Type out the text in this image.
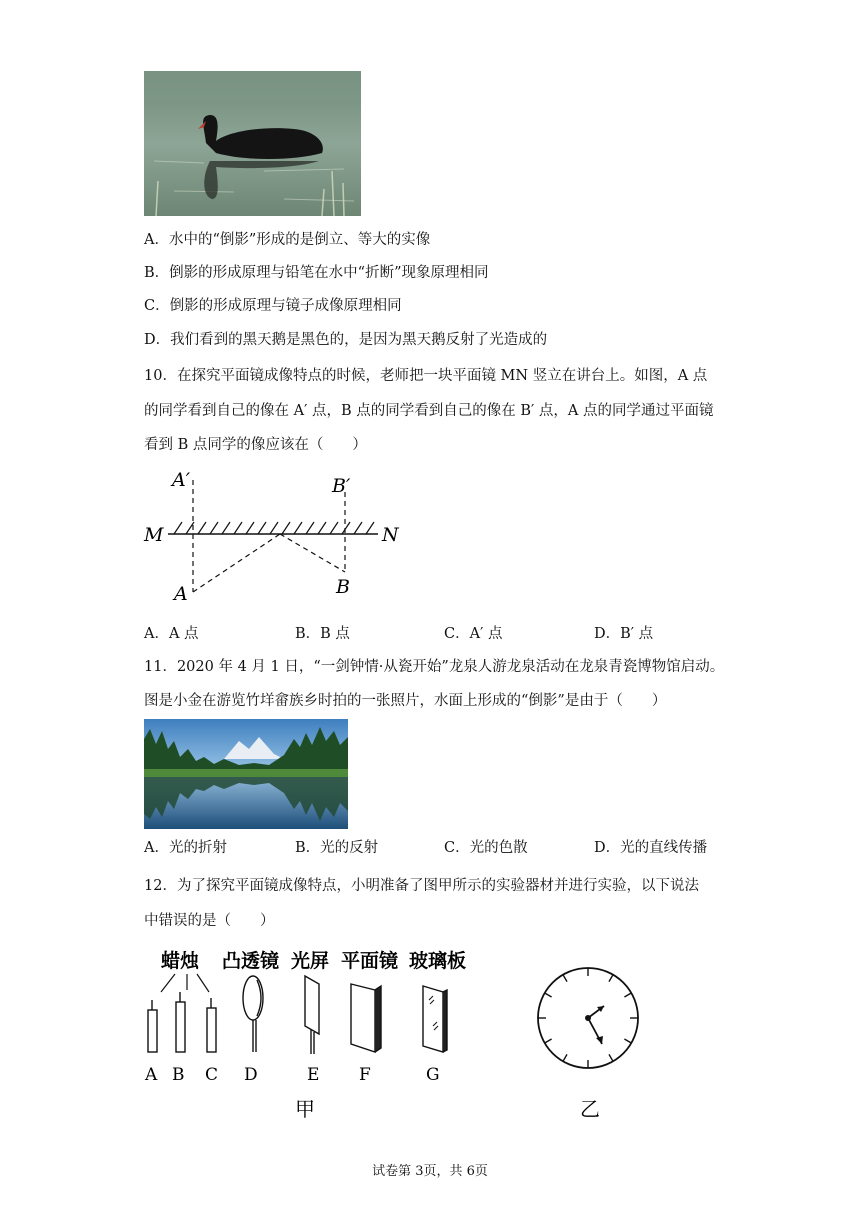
A．水中的“倒影”形成的是倒立、等大的实像
B．倒影的形成原理与铅笔在水中“折断”现象原理相同
C．倒影的形成原理与镜子成像原理相同
D．我们看到的黑天鹅是黑色的，是因为黑天鹅反射了光造成的
10．在探究平面镜成像特点的时候，老师把一块平面镜 MN 竖立在讲台上。如图，A 点
的同学看到自己的像在 A′ 点，B 点的同学看到自己的像在 B′ 点，A 点的同学通过平面镜
看到 B 点同学的像应该在（　　）
A′	B′
M	N
A	B
A．A 点	B．B 点	C．A′ 点	D．B′ 点
11．2020 年 4 月 1 日，“一剑钟情·从瓷开始”龙泉人游龙泉活动在龙泉青瓷博物馆启动。
图是小金在游览竹垟畲族乡时拍的一张照片，水面上形成的“倒影”是由于（　　）
A．光的折射	B．光的反射	C．光的色散	D．光的直线传播
12．为了探究平面镜成像特点，小明准备了图甲所示的实验器材并进行实验，以下说法
中错误的是（　　）
蜡烛 凸透镜 光屏 平面镜 玻璃板
A B C D	E F	G
甲	乙
试卷第 3页，共 6页
